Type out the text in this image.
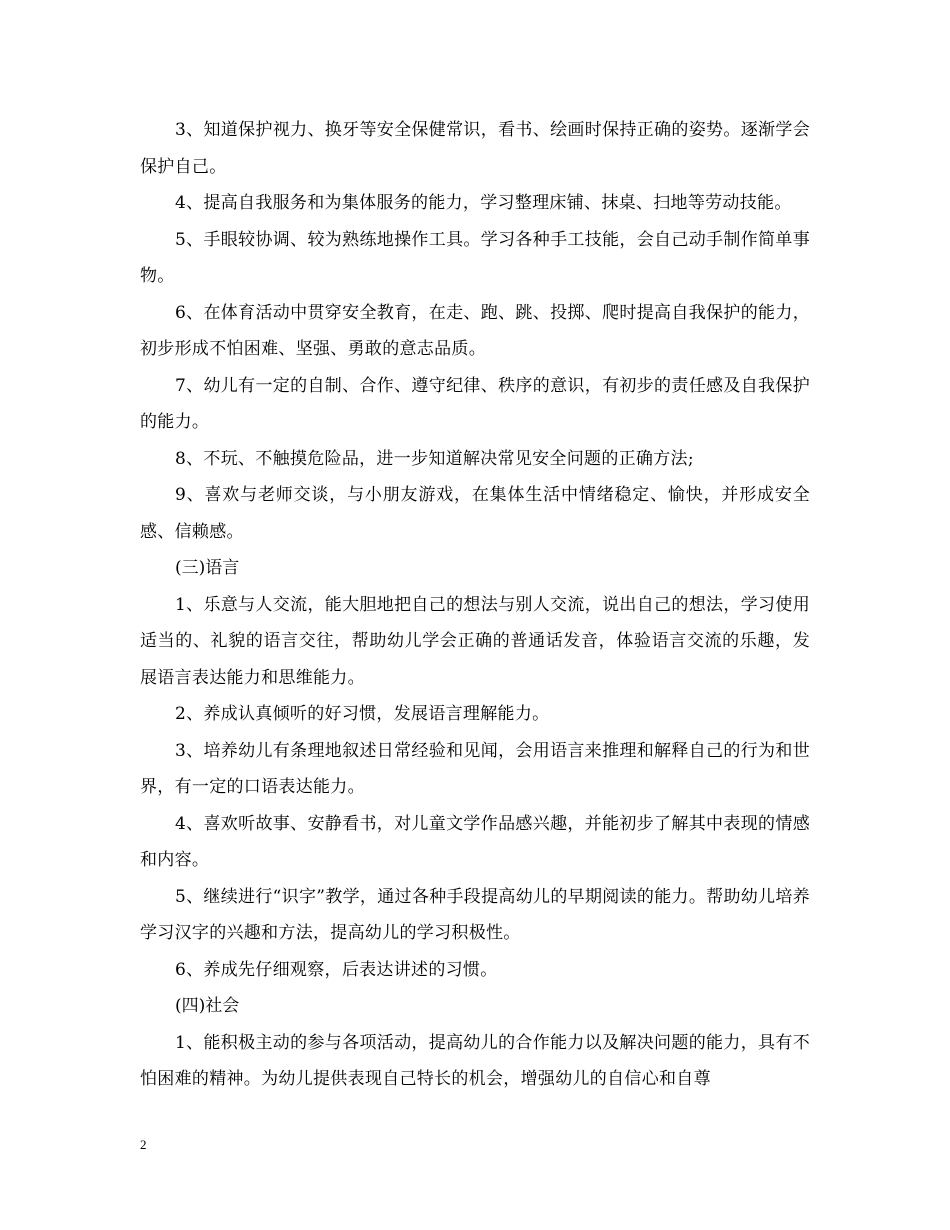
3、知道保护视力、换牙等安全保健常识，看书、绘画时保持正确的姿势。逐渐学会保护自己。

4、提高自我服务和为集体服务的能力，学习整理床铺、抹桌、扫地等劳动技能。

5、手眼较协调、较为熟练地操作工具。学习各种手工技能，会自己动手制作简单事物。

6、在体育活动中贯穿安全教育，在走、跑、跳、投掷、爬时提高自我保护的能力，初步形成不怕困难、坚强、勇敢的意志品质。

7、幼儿有一定的自制、合作、遵守纪律、秩序的意识，有初步的责任感及自我保护的能力。

8、不玩、不触摸危险品，进一步知道解决常见安全问题的正确方法;

9、喜欢与老师交谈，与小朋友游戏，在集体生活中情绪稳定、愉快，并形成安全感、信赖感。

(三)语言

1、乐意与人交流，能大胆地把自己的想法与别人交流，说出自己的想法，学习使用适当的、礼貌的语言交往，帮助幼儿学会正确的普通话发音，体验语言交流的乐趣，发展语言表达能力和思维能力。

2、养成认真倾听的好习惯，发展语言理解能力。

3、培养幼儿有条理地叙述日常经验和见闻，会用语言来推理和解释自己的行为和世界，有一定的口语表达能力。

4、喜欢听故事、安静看书，对儿童文学作品感兴趣，并能初步了解其中表现的情感和内容。

5、继续进行“识字”教学，通过各种手段提高幼儿的早期阅读的能力。帮助幼儿培养学习汉字的兴趣和方法，提高幼儿的学习积极性。

6、养成先仔细观察，后表达讲述的习惯。

(四)社会

1、能积极主动的参与各项活动，提高幼儿的合作能力以及解决问题的能力，具有不怕困难的精神。为幼儿提供表现自己特长的机会，增强幼儿的自信心和自尊

2
